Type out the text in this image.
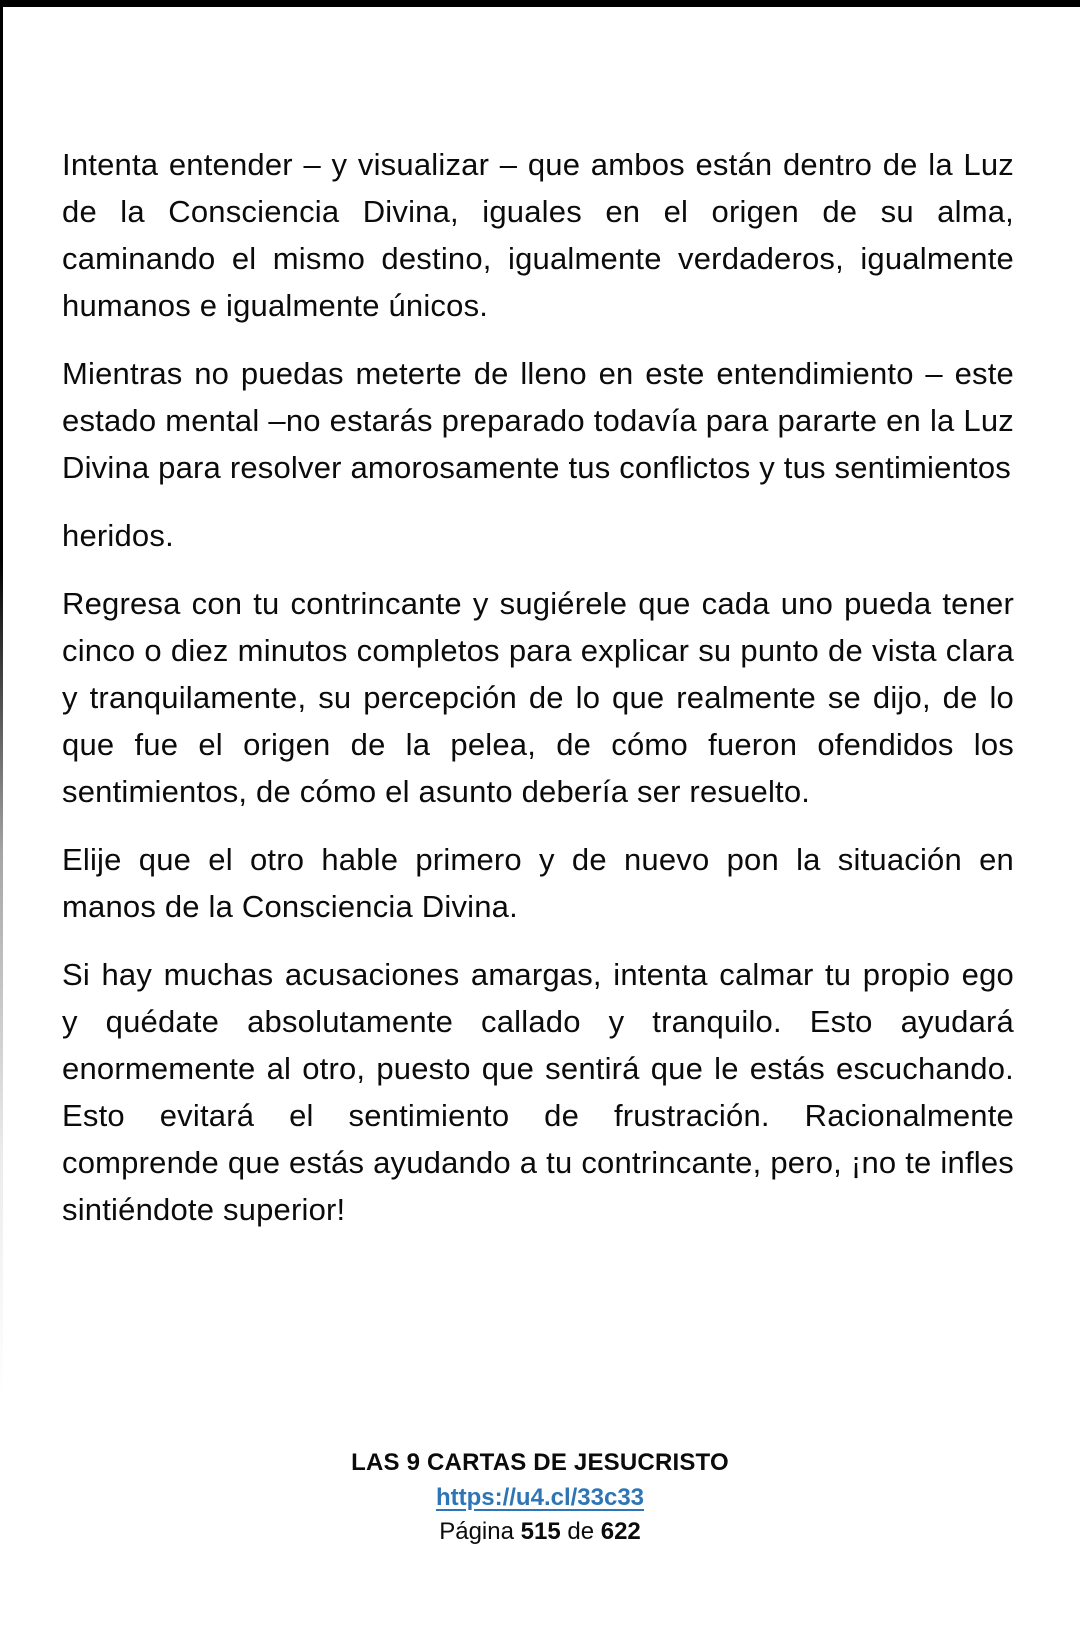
Intenta entender – y visualizar – que ambos están dentro de la Luz de la Consciencia Divina, iguales en el origen de su alma, caminando el mismo destino, igualmente verdaderos, igualmente humanos e igualmente únicos.

Mientras no puedas meterte de lleno en este entendimiento – este estado mental –no estarás preparado todavía para pararte en la Luz Divina para resolver amorosamente tus conflictos y tus sentimientos

heridos.

Regresa con tu contrincante y sugiérele que cada uno pueda tener cinco o diez minutos completos para explicar su punto de vista clara y tranquilamente, su percepción de lo que realmente se dijo, de lo que fue el origen de la pelea, de cómo fueron ofendidos los sentimientos, de cómo el asunto debería ser resuelto.

Elije que el otro hable primero y de nuevo pon la situación en manos de la Consciencia Divina.

Si hay muchas acusaciones amargas, intenta calmar tu propio ego y quédate absolutamente callado y tranquilo. Esto ayudará enormemente al otro, puesto que sentirá que le estás escuchando. Esto evitará el sentimiento de frustración. Racionalmente comprende que estás ayudando a tu contrincante, pero, ¡no te infles sintiéndote superior!

LAS 9 CARTAS DE JESUCRISTO
https://u4.cl/33c33
Página 515 de 622
